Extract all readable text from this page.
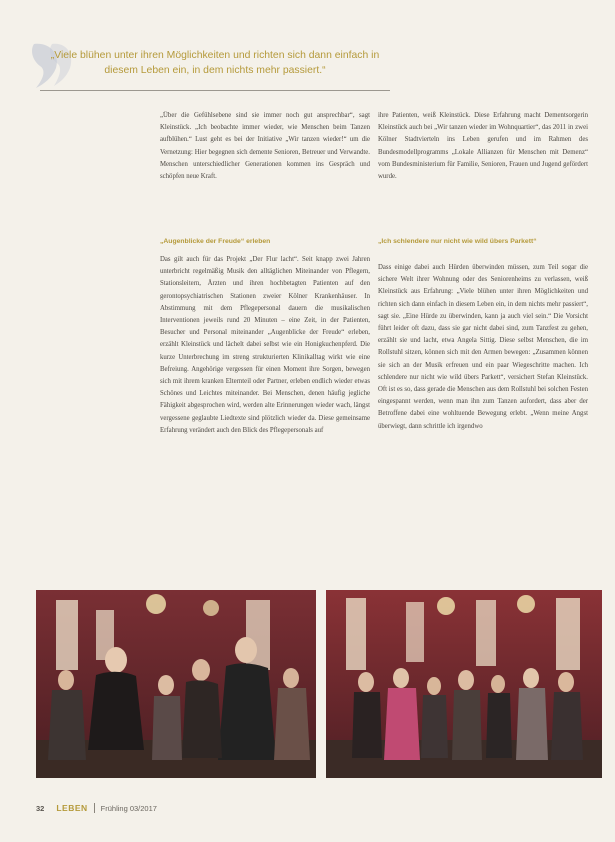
„Viele blühen unter ihren Möglichkeiten und richten sich dann einfach in diesem Leben ein, in dem nichts mehr passiert.“

„Über die Gefühlsebene sind sie immer noch gut ansprechbar“, sagt Kleinstück. „Ich beobachte immer wieder, wie Menschen beim Tanzen aufblühen.“ Lust geht es bei der Initiative „Wir tanzen wieder!“ um die Vernetzung: Hier begegnen sich demente Senioren, Betreuer und Verwandte. Menschen unterschiedlicher Generationen kommen ins Gespräch und schöpfen neue Kraft.

„Augenblicke der Freude“ erleben

Das gilt auch für das Projekt „Der Flur lacht“. Seit knapp zwei Jahren unterbricht regelmäßig Musik den alltäglichen Miteinander von Pflegern, Stationsleitern, Ärzten und ihren hochbetagten Patienten auf den gerontopsychiatrischen Stationen zweier Kölner Krankenhäuser. In Abstimmung mit dem Pflegepersonal dauern die musikalischen Interventionen jeweils rund 20 Minuten – eine Zeit, in der Patienten, Besucher und Personal miteinander „Augenblicke der Freude“ erleben, erzählt Kleinstück und lächelt dabei selbst wie ein Honigkuchenpferd. Die kurze Unterbrechung im streng strukturierten Klinikalltag wirkt wie eine Befreiung. Angehörige vergessen für einen Moment ihre Sorgen, bewegen sich mit ihrem kranken Elternteil oder Partner, erleben endlich wieder etwas Schönes und Leichtes miteinander. Bei Menschen, denen häufig jegliche Fähigkeit abgesprochen wird, werden alte Erinnerungen wieder wach, längst vergessene geglaubte Liedtexte sind plötzlich wieder da. Diese gemeinsame Erfahrung verändert auch den Blick des Pflegepersonals auf

ihre Patienten, weiß Kleinstück. Diese Erfahrung macht Dementsorgerin Kleinstück auch bei „Wir tanzen wieder im Wohnquartier“, das 2011 in zwei Kölner Stadtvierteln ins Leben gerufen und im Rahmen des Bundesmodellprogramms „Lokale Allianzen für Menschen mit Demenz“ vom Bundesministerium für Familie, Senioren, Frauen und Jugend gefördert wurde.

„Ich schlendere nur nicht wie wild übers Parkett“

Dass einige dabei auch Hürden überwinden müssen, zum Teil sogar die sichere Welt ihrer Wohnung oder des Seniorenheims zu verlassen, weiß Kleinstück aus Erfahrung: „Viele blühen unter ihren Möglichkeiten und richten sich dann einfach in diesem Leben ein, in dem nichts mehr passiert“, sagt sie. „Eine Hürde zu überwinden, kann ja auch viel sein.“ Die Vorsicht führt leider oft dazu, dass sie gar nicht dabei sind, zum Tanzfest zu gehen, erzählt sie und lacht, etwa Angela Sittig. Diese selbst Menschen, die im Rollstuhl sitzen, können sich mit den Armen bewegen: „Zusammen können sie sich an der Musik erfreuen und ein paar Wiegeschritte machen. Ich schlendere nur nicht wie wild übers Parkett“, versichert Stefan Kleinstück. Oft ist es so, dass gerade die Menschen aus dem Rollstuhl bei solchen Festen eingespannt werden, wenn man ihn zum Tanzen aufordert, dass aber der Betroffene dabei eine wohltuende Bewegung erlebt. „Wenn meine Angst überwiegt, dann schrittle ich irgendwo

32 LEBEN Frühling 03/2017
